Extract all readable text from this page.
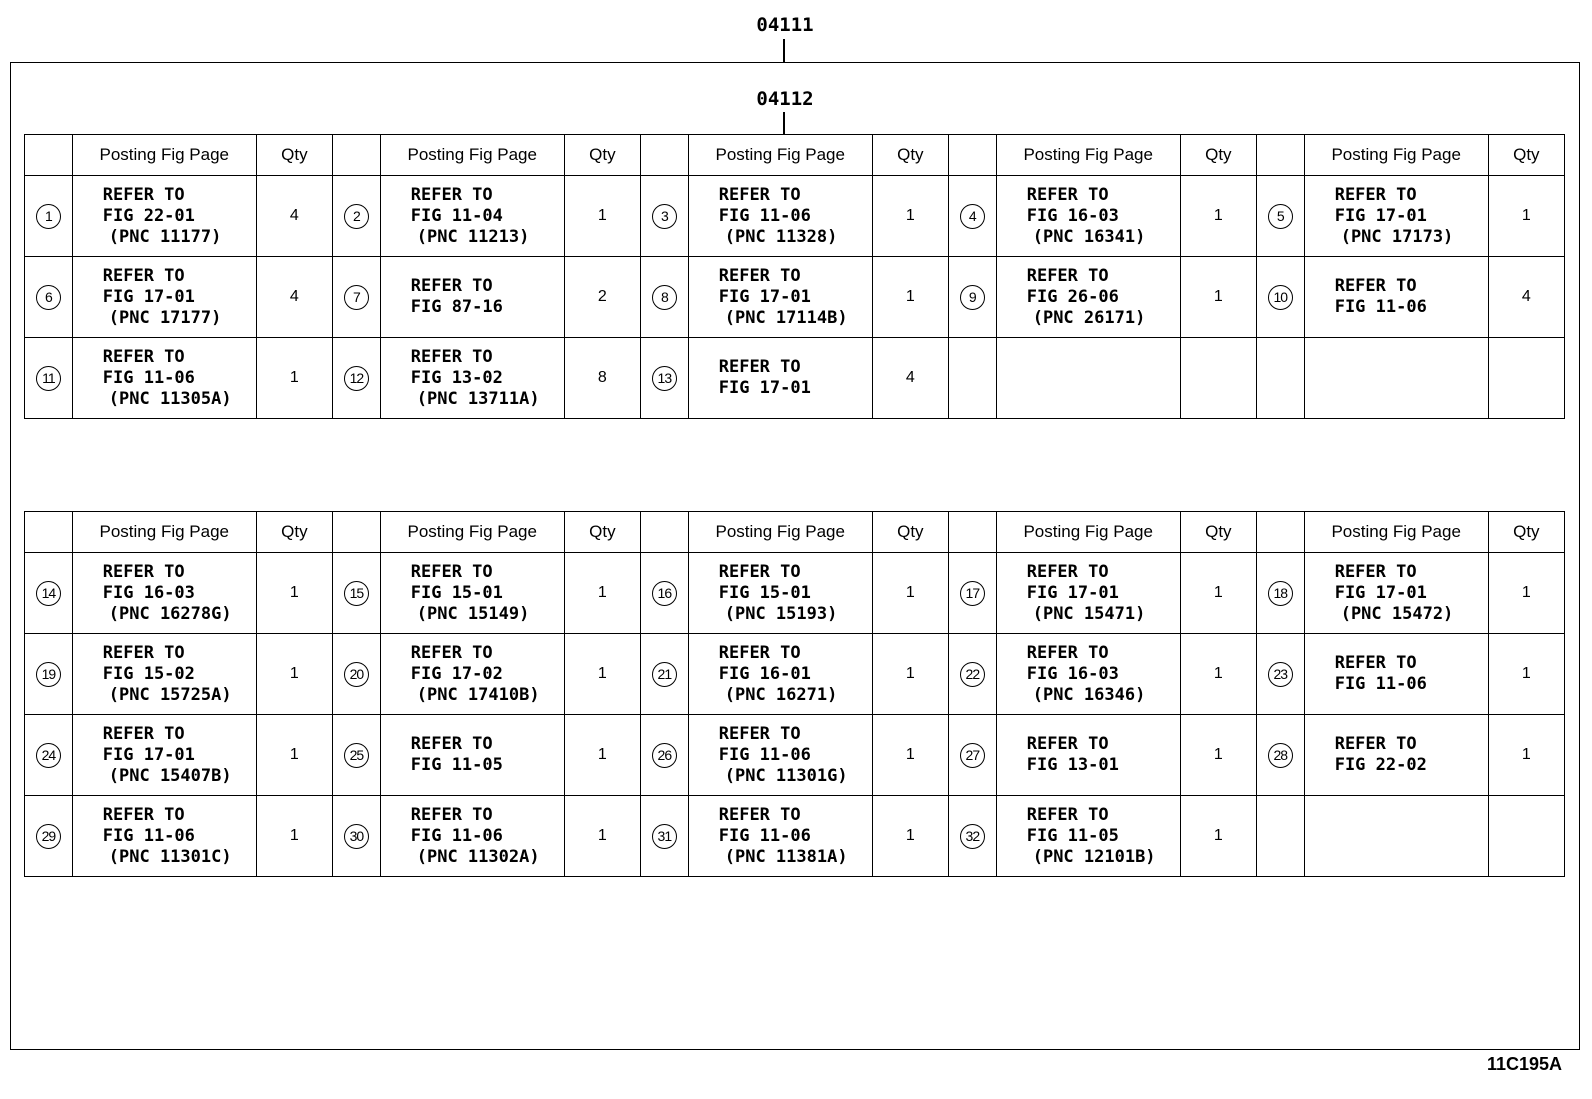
04111
04112
	Posting Fig Page	Qty		Posting Fig Page	Qty		Posting Fig Page	Qty		Posting Fig Page	Qty		Posting Fig Page	Qty
1	REFER TO
FIG 22-01
(PNC 11177)	4	2	REFER TO
FIG 11-04
(PNC 11213)	1	3	REFER TO
FIG 11-06
(PNC 11328)	1	4	REFER TO
FIG 16-03
(PNC 16341)	1	5	REFER TO
FIG 17-01
(PNC 17173)	1
6	REFER TO
FIG 17-01
(PNC 17177)	4	7	REFER TO
FIG 87-16	2	8	REFER TO
FIG 17-01
(PNC 17114B)	1	9	REFER TO
FIG 26-06
(PNC 26171)	1	10	REFER TO
FIG 11-06	4
11	REFER TO
FIG 11-06
(PNC 11305A)	1	12	REFER TO
FIG 13-02
(PNC 13711A)	8	13	REFER TO
FIG 17-01	4						
	Posting Fig Page	Qty		Posting Fig Page	Qty		Posting Fig Page	Qty		Posting Fig Page	Qty		Posting Fig Page	Qty
14	REFER TO
FIG 16-03
(PNC 16278G)	1	15	REFER TO
FIG 15-01
(PNC 15149)	1	16	REFER TO
FIG 15-01
(PNC 15193)	1	17	REFER TO
FIG 17-01
(PNC 15471)	1	18	REFER TO
FIG 17-01
(PNC 15472)	1
19	REFER TO
FIG 15-02
(PNC 15725A)	1	20	REFER TO
FIG 17-02
(PNC 17410B)	1	21	REFER TO
FIG 16-01
(PNC 16271)	1	22	REFER TO
FIG 16-03
(PNC 16346)	1	23	REFER TO
FIG 11-06	1
24	REFER TO
FIG 17-01
(PNC 15407B)	1	25	REFER TO
FIG 11-05	1	26	REFER TO
FIG 11-06
(PNC 11301G)	1	27	REFER TO
FIG 13-01	1	28	REFER TO
FIG 22-02	1
29	REFER TO
FIG 11-06
(PNC 11301C)	1	30	REFER TO
FIG 11-06
(PNC 11302A)	1	31	REFER TO
FIG 11-06
(PNC 11381A)	1	32	REFER TO
FIG 11-05
(PNC 12101B)	1			
11C195A
